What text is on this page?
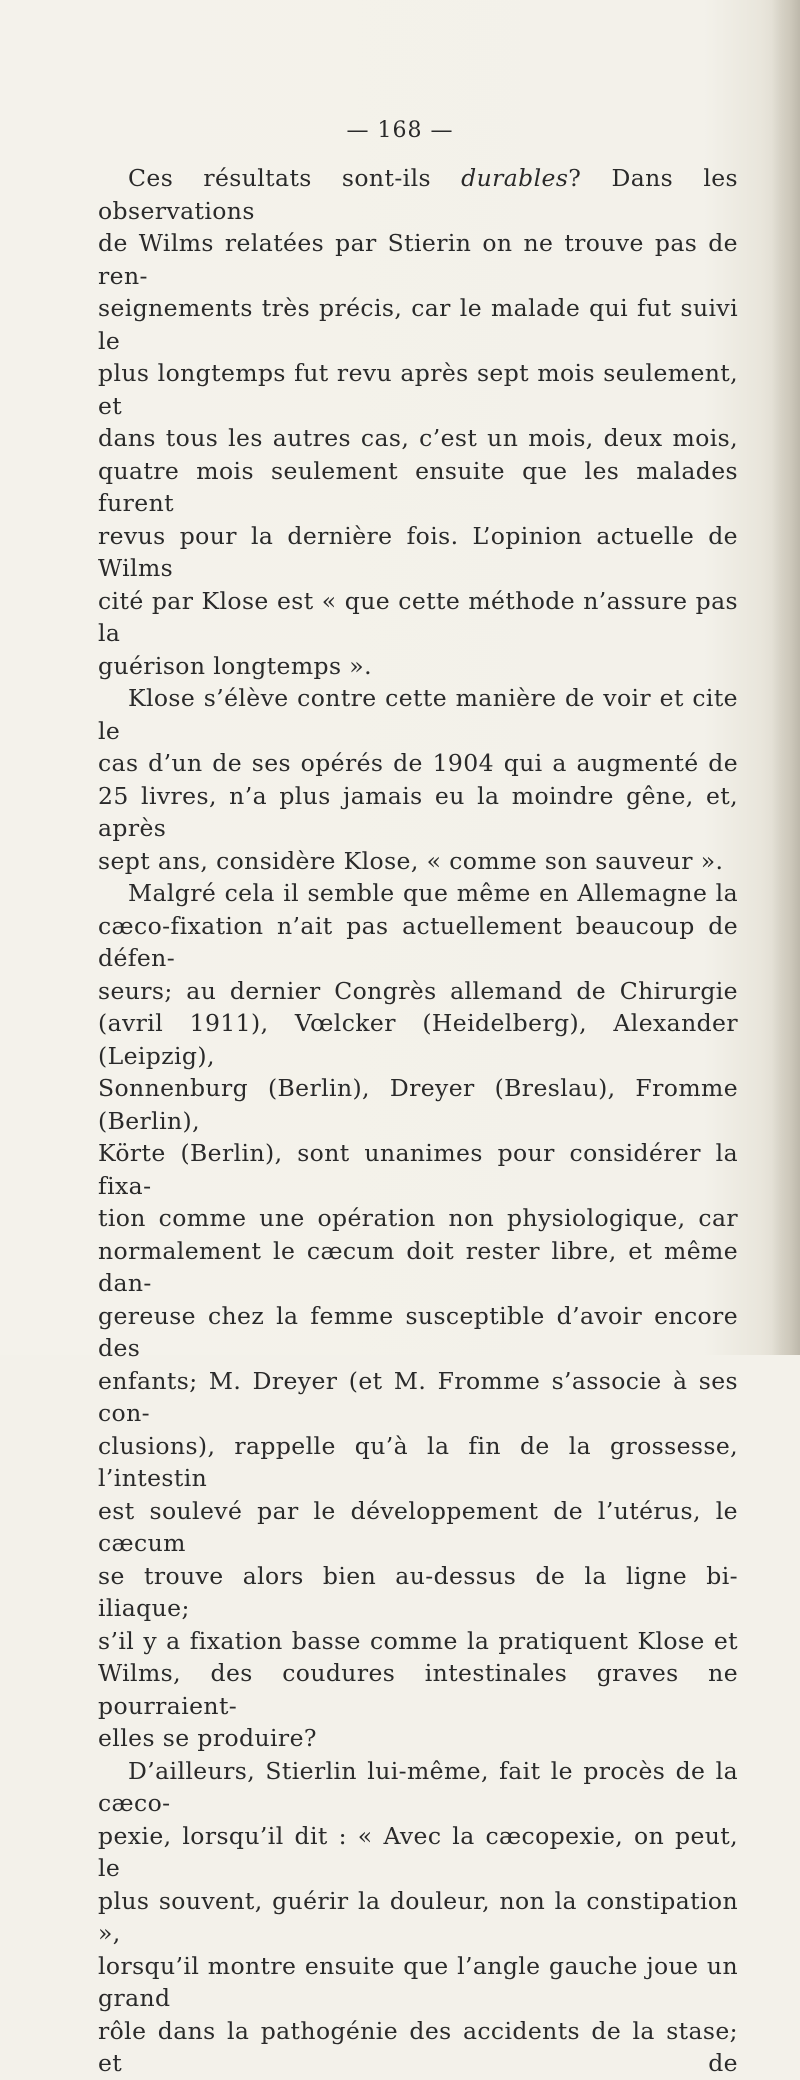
— 168 —

Ces résultats sont-ils durables? Dans les observations

de Wilms relatées par Stierin on ne trouve pas de ren-
seignements très précis, car le malade qui fut suivi le
plus longtemps fut revu après sept mois seulement, et
dans tous les autres cas, c’est un mois, deux mois,
quatre mois seulement ensuite que les malades furent
revus pour la dernière fois. L’opinion actuelle de Wilms
cité par Klose est « que cette méthode n’assure pas la

guérison longtemps ».

Klose s’élève contre cette manière de voir et cite le

cas d’un de ses opérés de 1904 qui a augmenté de
25 livres, n’a plus jamais eu la moindre gêne, et, après

sept ans, considère Klose, « comme son sauveur ».

Malgré cela il semble que même en Allemagne la

cæco-fixation n’ait pas actuellement beaucoup de défen-
seurs; au dernier Congrès allemand de Chirurgie
(avril 1911), Vœlcker (Heidelberg), Alexander (Leipzig),
Sonnenburg (Berlin), Dreyer (Breslau), Fromme (Berlin),
Körte (Berlin), sont unanimes pour considérer la fixa-
tion comme une opération non physiologique, car
normalement le cæcum doit rester libre, et même dan-
gereuse chez la femme susceptible d’avoir encore des
enfants; M. Dreyer (et M. Fromme s’associe à ses con-
clusions), rappelle qu’à la fin de la grossesse, l’intestin
est soulevé par le développement de l’utérus, le cæcum
se trouve alors bien au-dessus de la ligne bi-iliaque;
s’il y a fixation basse comme la pratiquent Klose et
Wilms, des coudures intestinales graves ne pourraient-

elles se produire?

D’ailleurs, Stierlin lui-même, fait le procès de la cæco-

pexie, lorsqu’il dit : « Avec la cæcopexie, on peut, le
plus souvent, guérir la douleur, non la constipation »,
lorsqu’il montre ensuite que l’angle gauche joue un grand
rôle dans la pathogénie des accidents de la stase; et de
